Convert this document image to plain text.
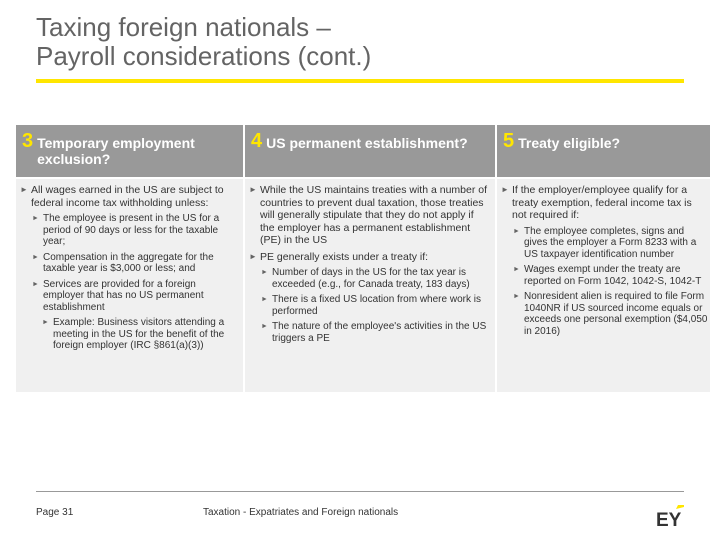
Taxing foreign nationals –
Payroll considerations (cont.)
3 Temporary employment exclusion?
► All wages earned in the US are subject to federal income tax withholding unless:
► The employee is present in the US for a period of 90 days or less for the taxable year;
► Compensation in the aggregate for the taxable year is $3,000 or less; and
► Services are provided for a foreign employer that has no US permanent establishment
► Example: Business visitors attending a meeting in the US for the benefit of the foreign employer (IRC §861(a)(3))
4 US permanent establishment?
► While the US maintains treaties with a number of countries to prevent dual taxation, those treaties will generally stipulate that they do not apply if the employer has a permanent establishment (PE) in the US
► PE generally exists under a treaty if:
► Number of days in the US for the tax year is exceeded (e.g., for Canada treaty, 183 days)
► There is a fixed US location from where work is performed
► The nature of the employee's activities in the US triggers a PE
5 Treaty eligible?
► If the employer/employee qualify for a treaty exemption, federal income tax is not required if:
► The employee completes, signs and gives the employer a Form 8233 with a US taxpayer identification number
► Wages exempt under the treaty are reported on Form 1042, 1042-S, 1042-T
► Nonresident alien is required to file Form 1040NR if US sourced income equals or exceeds one personal exemption ($4,050 in 2016)
Page 31	Taxation - Expatriates and Foreign nationals	EY
